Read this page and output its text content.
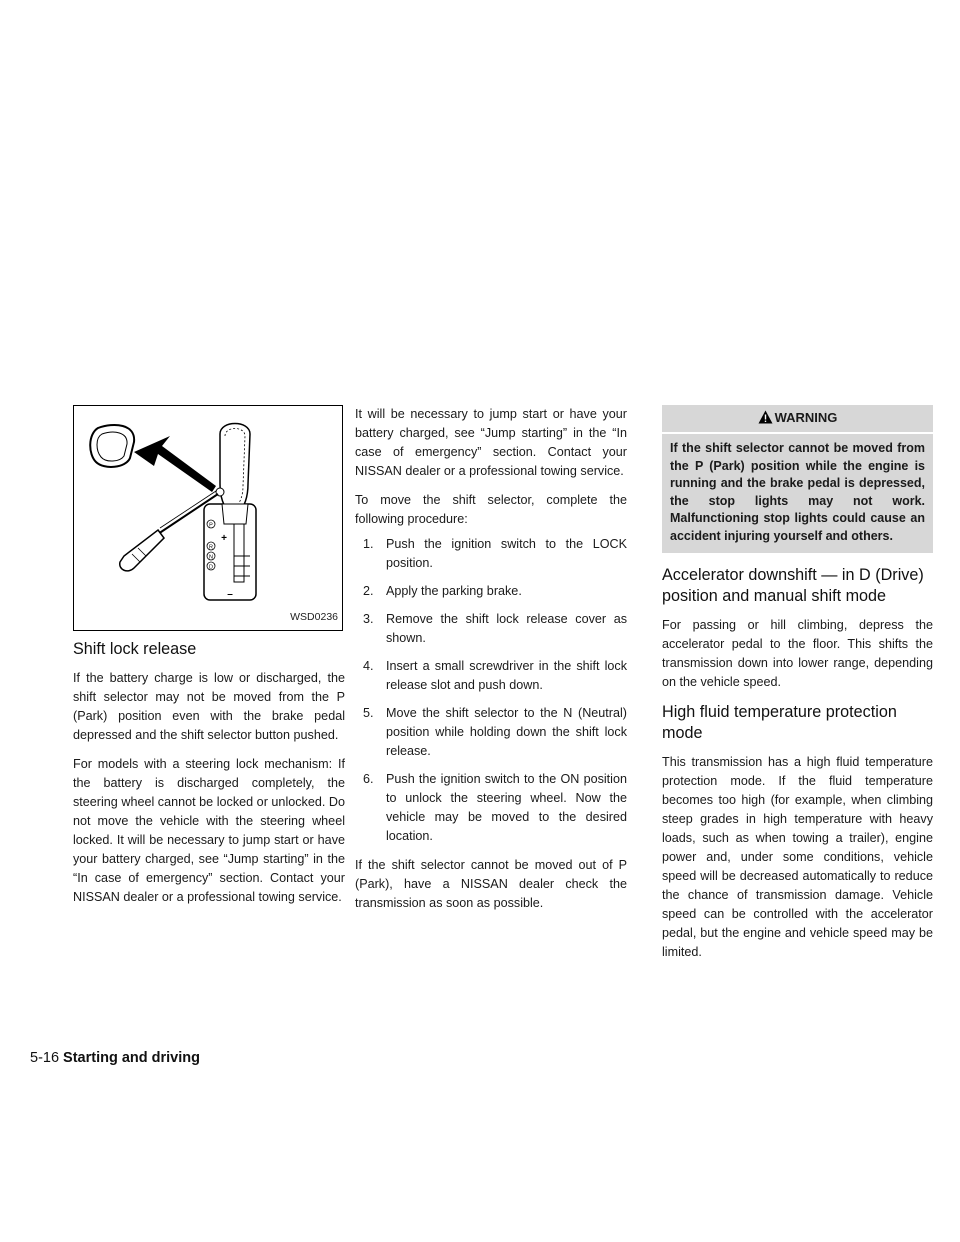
P
R
N
D
+
–
WSD0236
Shift lock release

If the battery charge is low or discharged, the shift selector may not be moved from the P (Park) position even with the brake pedal depressed and the shift selector button pushed.

For models with a steering lock mechanism: If the battery is discharged completely, the steering wheel cannot be locked or unlocked. Do not move the vehicle with the steering wheel locked. It will be necessary to jump start or have your battery charged, see “Jump starting” in the “In case of emergency” section. Contact your NISSAN dealer or a professional towing service.

It will be necessary to jump start or have your battery charged, see “Jump starting” in the “In case of emergency” section. Contact your NISSAN dealer or a professional towing service.

To move the shift selector, complete the following procedure:

1. Push the ignition switch to the LOCK position.
2. Apply the parking brake.
3. Remove the shift lock release cover as shown.
4. Insert a small screwdriver in the shift lock release slot and push down.
5. Move the shift selector to the N (Neutral) position while holding down the shift lock release.
6. Push the ignition switch to the ON position to unlock the steering wheel. Now the vehicle may be moved to the desired location.

If the shift selector cannot be moved out of P (Park), have a NISSAN dealer check the transmission as soon as possible.

WARNING

If the shift selector cannot be moved from the P (Park) position while the engine is running and the brake pedal is depressed, the stop lights may not work. Malfunctioning stop lights could cause an accident injuring yourself and others.

Accelerator downshift — in D (Drive) position and manual shift mode

For passing or hill climbing, depress the accelerator pedal to the floor. This shifts the transmission down into lower range, depending on the vehicle speed.

High fluid temperature protection mode

This transmission has a high fluid temperature protection mode. If the fluid temperature becomes too high (for example, when climbing steep grades in high temperature with heavy loads, such as when towing a trailer), engine power and, under some conditions, vehicle speed will be decreased automatically to reduce the chance of transmission damage. Vehicle speed can be controlled with the accelerator pedal, but the engine and vehicle speed may be limited.

5-16 Starting and driving
